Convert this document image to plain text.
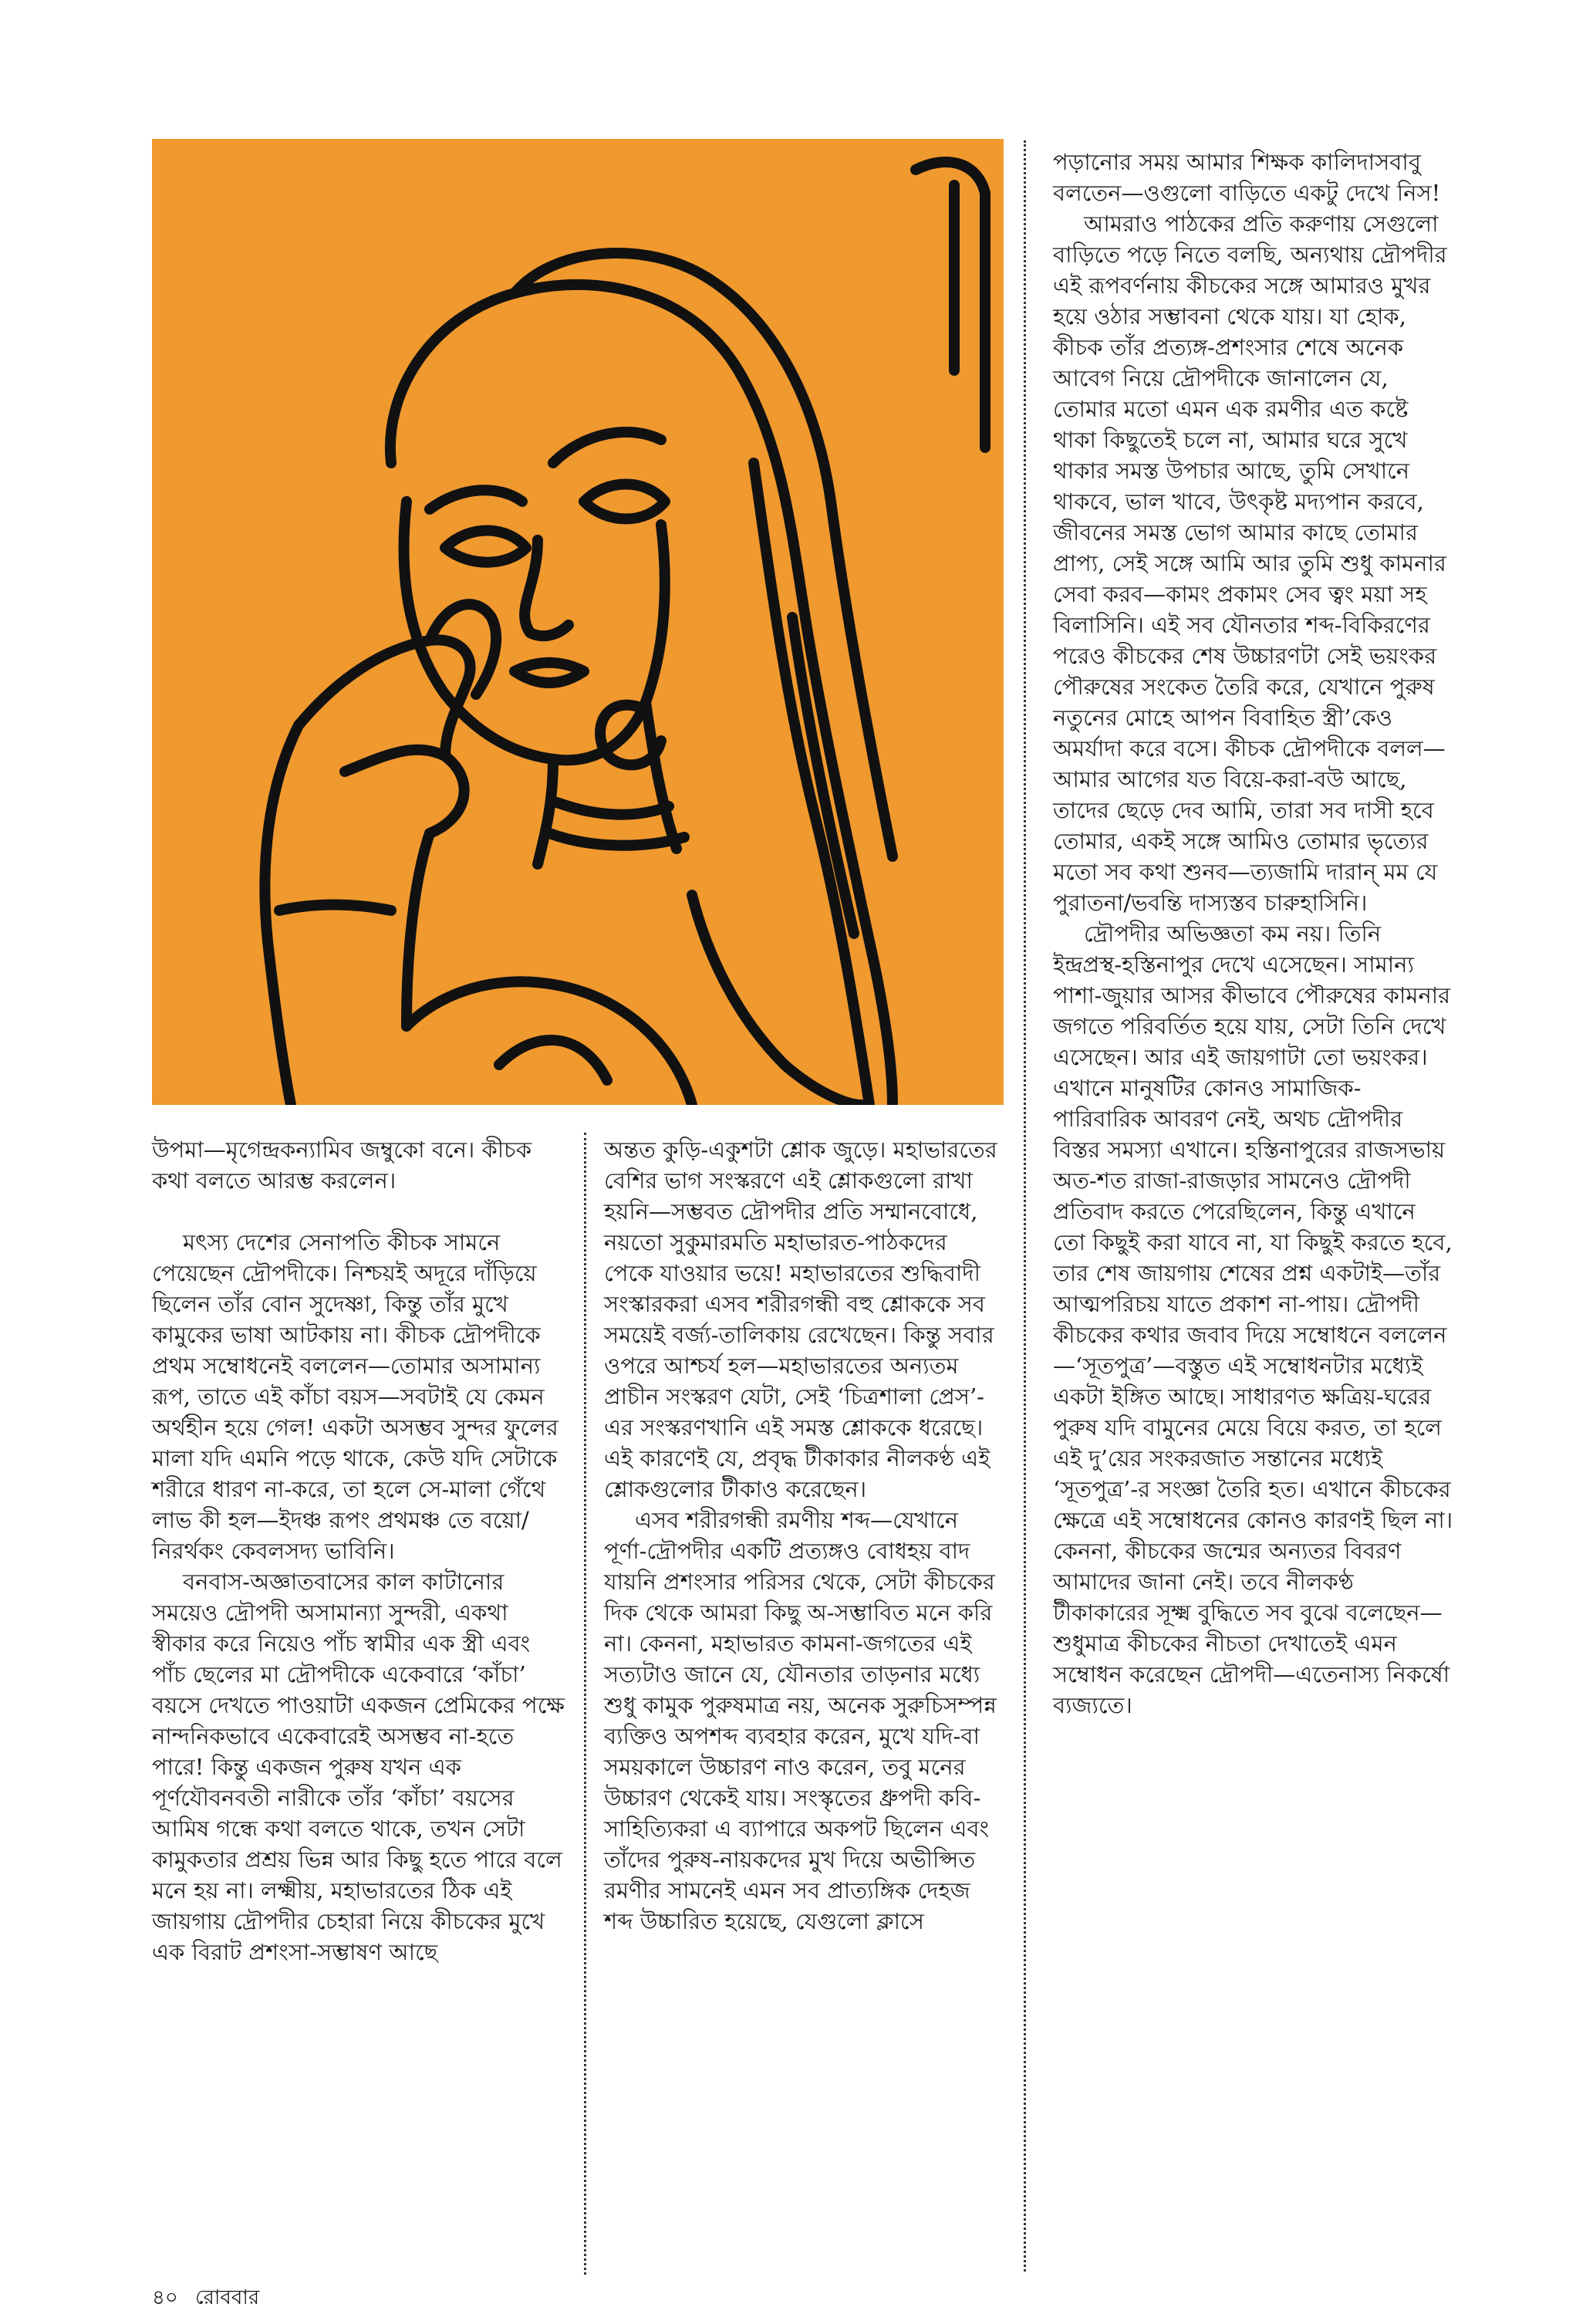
উপমা—মৃগেন্দ্রকন্যামিব জম্বুকো বনে। কীচক কথা বলতে আরম্ভ করলেন।

মৎস্য দেশের সেনাপতি কীচক সামনে পেয়েছেন দ্রৌপদীকে। নিশ্চয়ই অদূরে দাঁড়িয়ে ছিলেন তাঁর বোন সুদেষ্ণা, কিন্তু তাঁর মুখে কামুকের ভাষা আটকায় না। কীচক দ্রৌপদীকে প্রথম সম্বোধনেই বললেন—তোমার অসামান্য রূপ, তাতে এই কাঁচা বয়স—সবটাই যে কেমন অর্থহীন হয়ে গেল! একটা অসম্ভব সুন্দর ফুলের মালা যদি এমনি পড়ে থাকে, কেউ যদি সেটাকে শরীরে ধারণ না-করে, তা হলে সে-মালা গেঁথে লাভ কী হল—ইদঞ্চ রূপং প্রথমঞ্চ তে বয়ো/নিরর্থকং কেবলসদ্য ভাবিনি।

বনবাস-অজ্ঞাতবাসের কাল কাটানোর সময়েও দ্রৌপদী অসামান্যা সুন্দরী, একথা স্বীকার করে নিয়েও পাঁচ স্বামীর এক স্ত্রী এবং পাঁচ ছেলের মা দ্রৌপদীকে একেবারে ‘কাঁচা’ বয়সে দেখতে পাওয়াটা একজন প্রেমিকের পক্ষে নান্দনিকভাবে একেবারেই অসম্ভব না-হতে পারে! কিন্তু একজন পুরুষ যখন এক পূর্ণযৌবনবতী নারীকে তাঁর ‘কাঁচা’ বয়সের আমিষ গন্ধে কথা বলতে থাকে, তখন সেটা কামুকতার প্রশ্রয় ভিন্ন আর কিছু হতে পারে বলে মনে হয় না। লক্ষ্মীয়, মহাভারতের ঠিক এই জায়গায় দ্রৌপদীর চেহারা নিয়ে কীচকের মুখে এক বিরাট প্রশংসা-সম্ভাষণ আছে

অন্তত কুড়ি-একুশটা শ্লোক জুড়ে। মহাভারতের বেশির ভাগ সংস্করণে এই শ্লোকগুলো রাখা হয়নি—সম্ভবত দ্রৌপদীর প্রতি সম্মানবোধে, নয়তো সুকুমারমতি মহাভারত-পাঠকদের পেকে যাওয়ার ভয়ে! মহাভারতের শুদ্ধিবাদী সংস্কারকরা এসব শরীরগন্ধী বহু শ্লোককে সব সময়েই বর্জ্য-তালিকায় রেখেছেন। কিন্তু সবার ওপরে আশ্চর্য হল—মহাভারতের অন্যতম প্রাচীন সংস্করণ যেটা, সেই ‘চিত্রশালা প্রেস’-এর সংস্করণখানি এই সমস্ত শ্লোককে ধরেছে। এই কারণেই যে, প্রবৃদ্ধ টীকাকার নীলকণ্ঠ এই শ্লোকগুলোর টীকাও করেছেন।

এসব শরীরগন্ধী রমণীয় শব্দ—যেখানে পূর্ণা-দ্রৌপদীর একটি প্রত্যঙ্গও বোধহয় বাদ যায়নি প্রশংসার পরিসর থেকে, সেটা কীচকের দিক থেকে আমরা কিছু অ-সম্ভাবিত মনে করি না। কেননা, মহাভারত কামনা-জগতের এই সত্যটাও জানে যে, যৌনতার তাড়নার মধ্যে শুধু কামুক পুরুষমাত্র নয়, অনেক সুরুচিসম্পন্ন ব্যক্তিও অপশব্দ ব্যবহার করেন, মুখে যদি-বা সময়কালে উচ্চারণ নাও করেন, তবু মনের উচ্চারণ থেকেই যায়। সংস্কৃতের ধ্রুপদী কবি-সাহিত্যিকরা এ ব্যাপারে অকপট ছিলেন এবং তাঁদের পুরুষ-নায়কদের মুখ দিয়ে অভীপ্সিত রমণীর সামনেই এমন সব প্রাত্যঙ্গিক দেহজ শব্দ উচ্চারিত হয়েছে, যেগুলো ক্লাসে

পড়ানোর সময় আমার শিক্ষক কালিদাসবাবু বলতেন—ওগুলো বাড়িতে একটু দেখে নিস!

আমরাও পাঠকের প্রতি করুণায় সেগুলো বাড়িতে পড়ে নিতে বলছি, অন্যথায় দ্রৌপদীর এই রূপবর্ণনায় কীচকের সঙ্গে আমারও মুখর হয়ে ওঠার সম্ভাবনা থেকে যায়। যা হোক, কীচক তাঁর প্রত্যঙ্গ-প্রশংসার শেষে অনেক আবেগ নিয়ে দ্রৌপদীকে জানালেন যে, তোমার মতো এমন এক রমণীর এত কষ্টে থাকা কিছুতেই চলে না, আমার ঘরে সুখে থাকার সমস্ত উপচার আছে, তুমি সেখানে থাকবে, ভাল খাবে, উৎকৃষ্ট মদ্যপান করবে, জীবনের সমস্ত ভোগ আমার কাছে তোমার প্রাপ্য, সেই সঙ্গে আমি আর তুমি শুধু কামনার সেবা করব—কামং প্রকামং সেব ত্বং ময়া সহ বিলাসিনি। এই সব যৌনতার শব্দ-বিকিরণের পরেও কীচকের শেষ উচ্চারণটা সেই ভয়ংকর পৌরুষের সংকেত তৈরি করে, যেখানে পুরুষ নতুনের মোহে আপন বিবাহিত স্ত্রী’কেও অমর্যাদা করে বসে। কীচক দ্রৌপদীকে বলল—আমার আগের যত বিয়ে-করা-বউ আছে, তাদের ছেড়ে দেব আমি, তারা সব দাসী হবে তোমার, একই সঙ্গে আমিও তোমার ভৃত্যের মতো সব কথা শুনব—ত্যজামি দারান্ মম যে পুরাতনা/ভবন্তি দাস্যস্তব চারুহাসিনি।

দ্রৌপদীর অভিজ্ঞতা কম নয়। তিনি ইন্দ্রপ্রস্থ-হস্তিনাপুর দেখে এসেছেন। সামান্য পাশা-জুয়ার আসর কীভাবে পৌরুষের কামনার জগতে পরিবর্তিত হয়ে যায়, সেটা তিনি দেখে এসেছেন। আর এই জায়গাটা তো ভয়ংকর। এখানে মানুষটির কোনও সামাজিক-পারিবারিক আবরণ নেই, অথচ দ্রৌপদীর বিস্তর সমস্যা এখানে। হস্তিনাপুরের রাজসভায় অত-শত রাজা-রাজড়ার সামনেও দ্রৌপদী প্রতিবাদ করতে পেরেছিলেন, কিন্তু এখানে তো কিছুই করা যাবে না, যা কিছুই করতে হবে, তার শেষ জায়গায় শেষের প্রশ্ন একটাই—তাঁর আত্মপরিচয় যাতে প্রকাশ না-পায়। দ্রৌপদী কীচকের কথার জবাব দিয়ে সম্বোধনে বললেন—‘সূতপুত্র’—বস্তুত এই সম্বোধনটার মধ্যেই একটা ইঙ্গিত আছে। সাধারণত ক্ষত্রিয়-ঘরের পুরুষ যদি বামুনের মেয়ে বিয়ে করত, তা হলে এই দু’য়ের সংকরজাত সন্তানের মধ্যেই ‘সূতপুত্র’-র সংজ্ঞা তৈরি হত। এখানে কীচকের ক্ষেত্রে এই সম্বোধনের কোনও কারণই ছিল না। কেননা, কীচকের জন্মের অন্যতর বিবরণ আমাদের জানা নেই। তবে নীলকণ্ঠ টীকাকারের সূক্ষ্ম বুদ্ধিতে সব বুঝে বলেছেন—শুধুমাত্র কীচকের নীচতা দেখাতেই এমন সম্বোধন করেছেন দ্রৌপদী—এতেনাস্য নিকর্ষো ব্যজ্যতে।

৪০ রোববার
